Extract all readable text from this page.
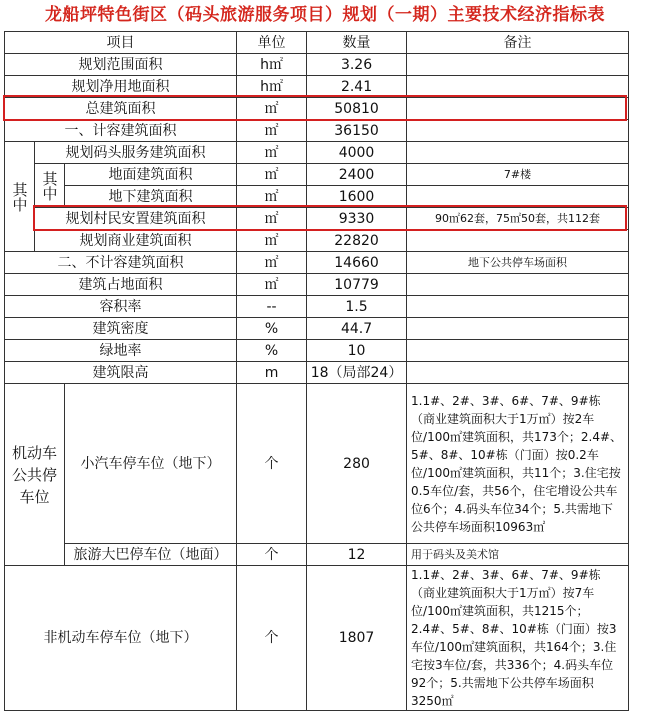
龙船坪特色街区（码头旅游服务项目）规划（一期）主要技术经济指标表
项目			单位	数量	备注
规划范围面积			h㎡	3.26	
规划净用地面积			h㎡	2.41	
总建筑面积			㎡	50810	
一、计容建筑面积			㎡	36150	
其中	规划码头服务建筑面积		㎡	4000	
	其中	地面建筑面积	㎡	2400	7#楼
		地下建筑面积	㎡	1600	
	规划村民安置建筑面积		㎡	9330	90㎡62套，75㎡50套，共112套
	规划商业建筑面积		㎡	22820	
二、不计容建筑面积			㎡	14660	地下公共停车场面积
建筑占地面积			㎡	10779	
容积率			--	1.5	
建筑密度			%	44.7	
绿地率			%	10	
建筑限高			m	18（局部24）	
机动车公共停车位		小汽车停车位（地下）	个	280	1.1#、2#、3#、6#、7#、9#栋（商业建筑面积大于1万㎡）按2车位/100㎡建筑面积，共173个；2.4#、5#、8#、10#栋（门面）按0.2车位/100㎡建筑面积，共11个；3.住宅按0.5车位/套，共56个，住宅增设公共车位6个；4.码头车位34个；5.共需地下公共停车场面积10963㎡
		旅游大巴停车位（地面）	个	12	用于码头及美术馆
非机动车停车位（地下）			个	1807	1.1#、2#、3#、6#、7#、9#栋（商业建筑面积大于1万㎡）按7车位/100㎡建筑面积，共1215个；2.4#、5#、8#、10#栋（门面）按3车位/100㎡建筑面积，共164个；3.住宅按3车位/套，共336个；4.码头车位92个；5.共需地下公共停车场面积3250㎡
